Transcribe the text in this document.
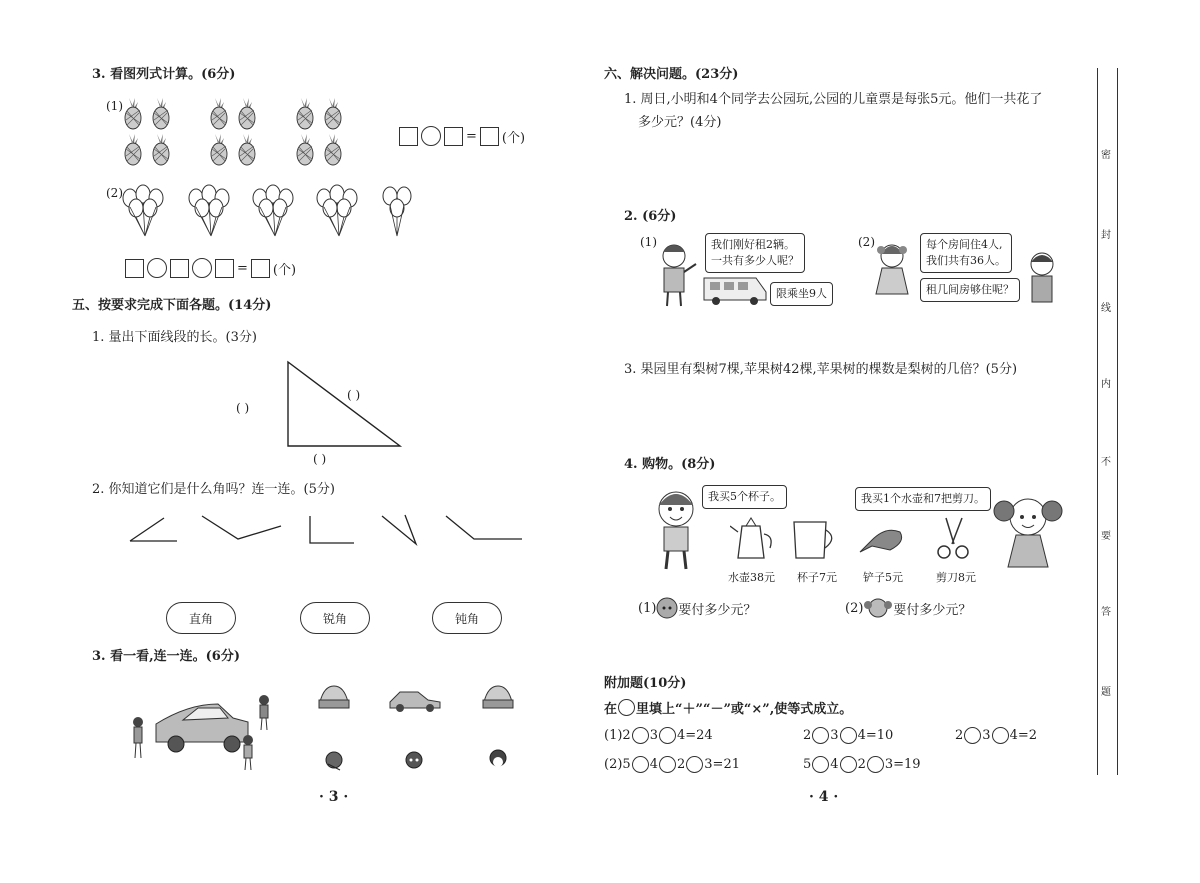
3. 看图列式计算。(6分)
(1)
= (个)
(2)
= (个)
五、按要求完成下面各题。(14分)
1. 量出下面线段的长。(3分)
( )
( )
( )
2. 你知道它们是什么角吗？连一连。(5分)
直角	锐角	钝角
3. 看一看,连一连。(6分)
· 3 ·
六、解决问题。(23分)
1. 周日,小明和4个同学去公园玩,公园的儿童票是每张5元。他们一共花了
多少元？(4分)
2. (6分)
(1)	我们刚好租2辆。
一共有多少人呢？
限乘坐9人
(2)	每个房间住4人,
我们共有36人。
租几间房够住呢？
3. 果园里有梨树7棵,苹果树42棵,苹果树的棵数是梨树的几倍？(5分)
4. 购物。(8分)
我买5个杯子。	我买1个水壶和7把剪刀。
水壶38元 杯子7元 铲子5元	剪刀8元
(1) 要付多少元？	(2) 要付多少元？
附加题(10分)
在 里填上“＋”“－”或“×”,使等式成立。
(1) 2 3 4 =24	2 3 4 =10	2 3 4 =2
(2) 5 4 2 3 =21	5 4 2 3 =19
· 4 ·
密
封
线
内
不
要
答
题
